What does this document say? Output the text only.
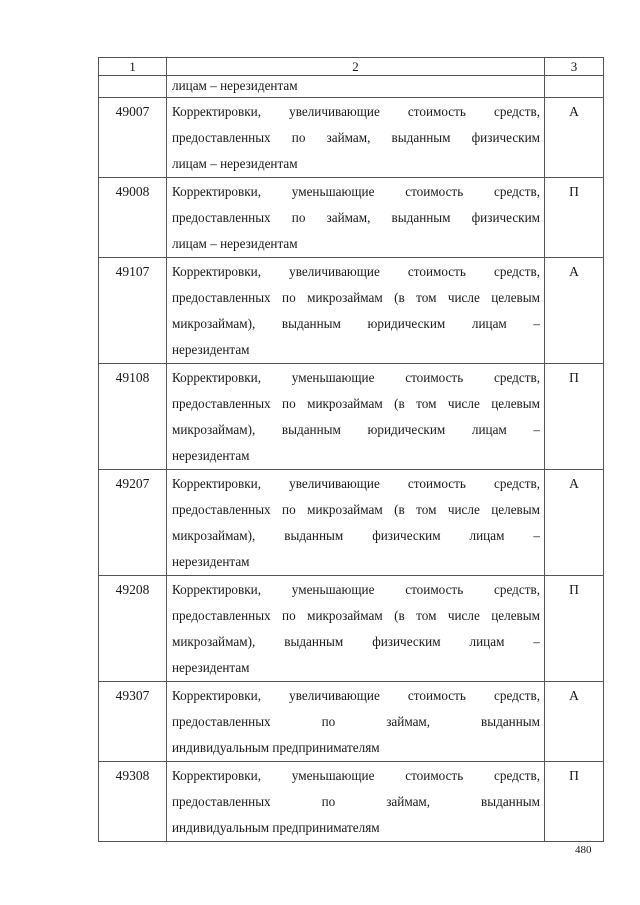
1	2	3

	лицам – нерезидентам	

49007	Корректировки, увеличивающие стоимость средств,
предоставленных по займам, выданным физическим
лицам – нерезидентам	А

49008	Корректировки, уменьшающие стоимость средств,
предоставленных по займам, выданным физическим
лицам – нерезидентам	П

49107	Корректировки, увеличивающие стоимость средств,
предоставленных по микрозаймам (в том числе целевым
микрозаймам), выданным юридическим лицам –
нерезидентам	А

49108	Корректировки, уменьшающие стоимость средств,
предоставленных по микрозаймам (в том числе целевым
микрозаймам), выданным юридическим лицам –
нерезидентам	П

49207	Корректировки, увеличивающие стоимость средств,
предоставленных по микрозаймам (в том числе целевым
микрозаймам), выданным физическим лицам –
нерезидентам	А

49208	Корректировки, уменьшающие стоимость средств,
предоставленных по микрозаймам (в том числе целевым
микрозаймам), выданным физическим лицам –
нерезидентам	П

49307	Корректировки, увеличивающие стоимость средств,
предоставленных по займам, выданным
индивидуальным предпринимателям	А

49308	Корректировки, уменьшающие стоимость средств,
предоставленных по займам, выданным
индивидуальным предпринимателям	П
480
